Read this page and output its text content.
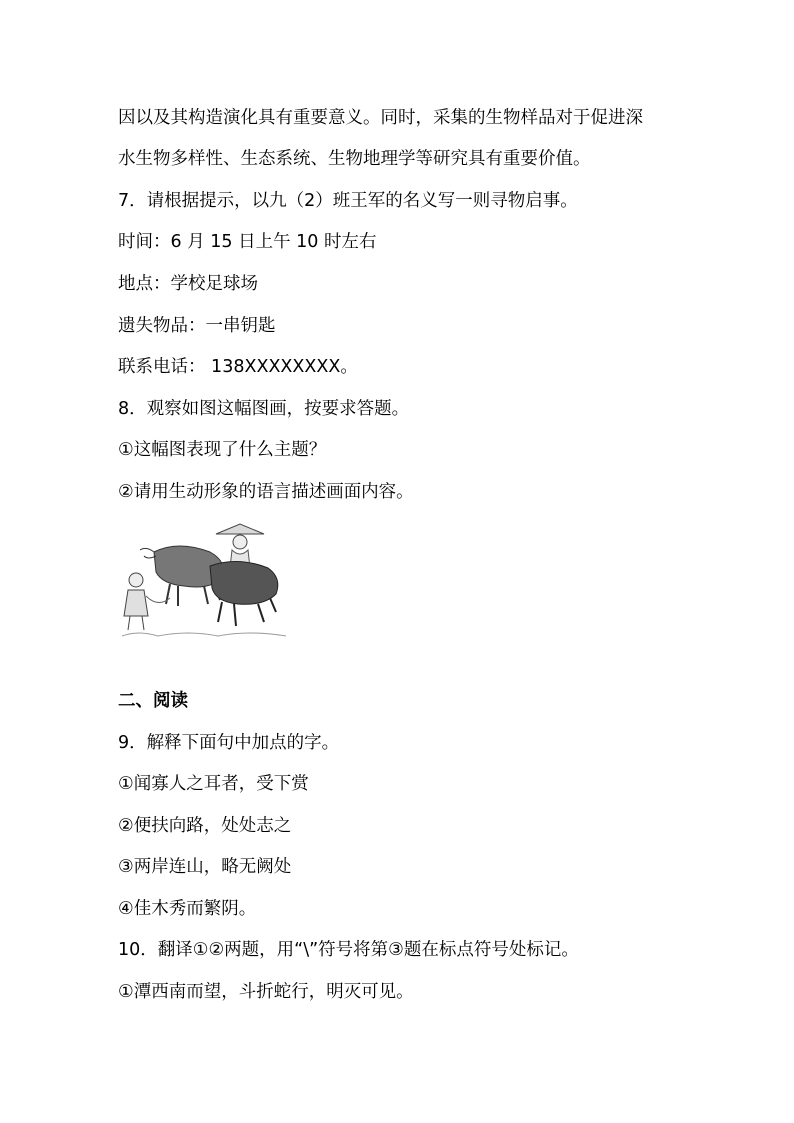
因以及其构造演化具有重要意义。同时，采集的生物样品对于促进深
水生物多样性、生态系统、生物地理学等研究具有重要价值。
7．请根据提示，以九（2）班王军的名义写一则寻物启事。
时间：6 月 15 日上午 10 时左右
地点：学校足球场
遗失物品：一串钥匙
联系电话： 138XXXXXXXX。
8．观察如图这幅图画，按要求答题。
①这幅图表现了什么主题？
②请用生动形象的语言描述画面内容。
二、阅读
9．解释下面句中加点的字。
①闻寡人之耳者，受下赏
②便扶向路，处处志之
③两岸连山，略无阙处
④佳木秀而繁阴。
10．翻译①②两题，用“\”符号将第③题在标点符号处标记。
①潭西南而望，斗折蛇行，明灭可见。
